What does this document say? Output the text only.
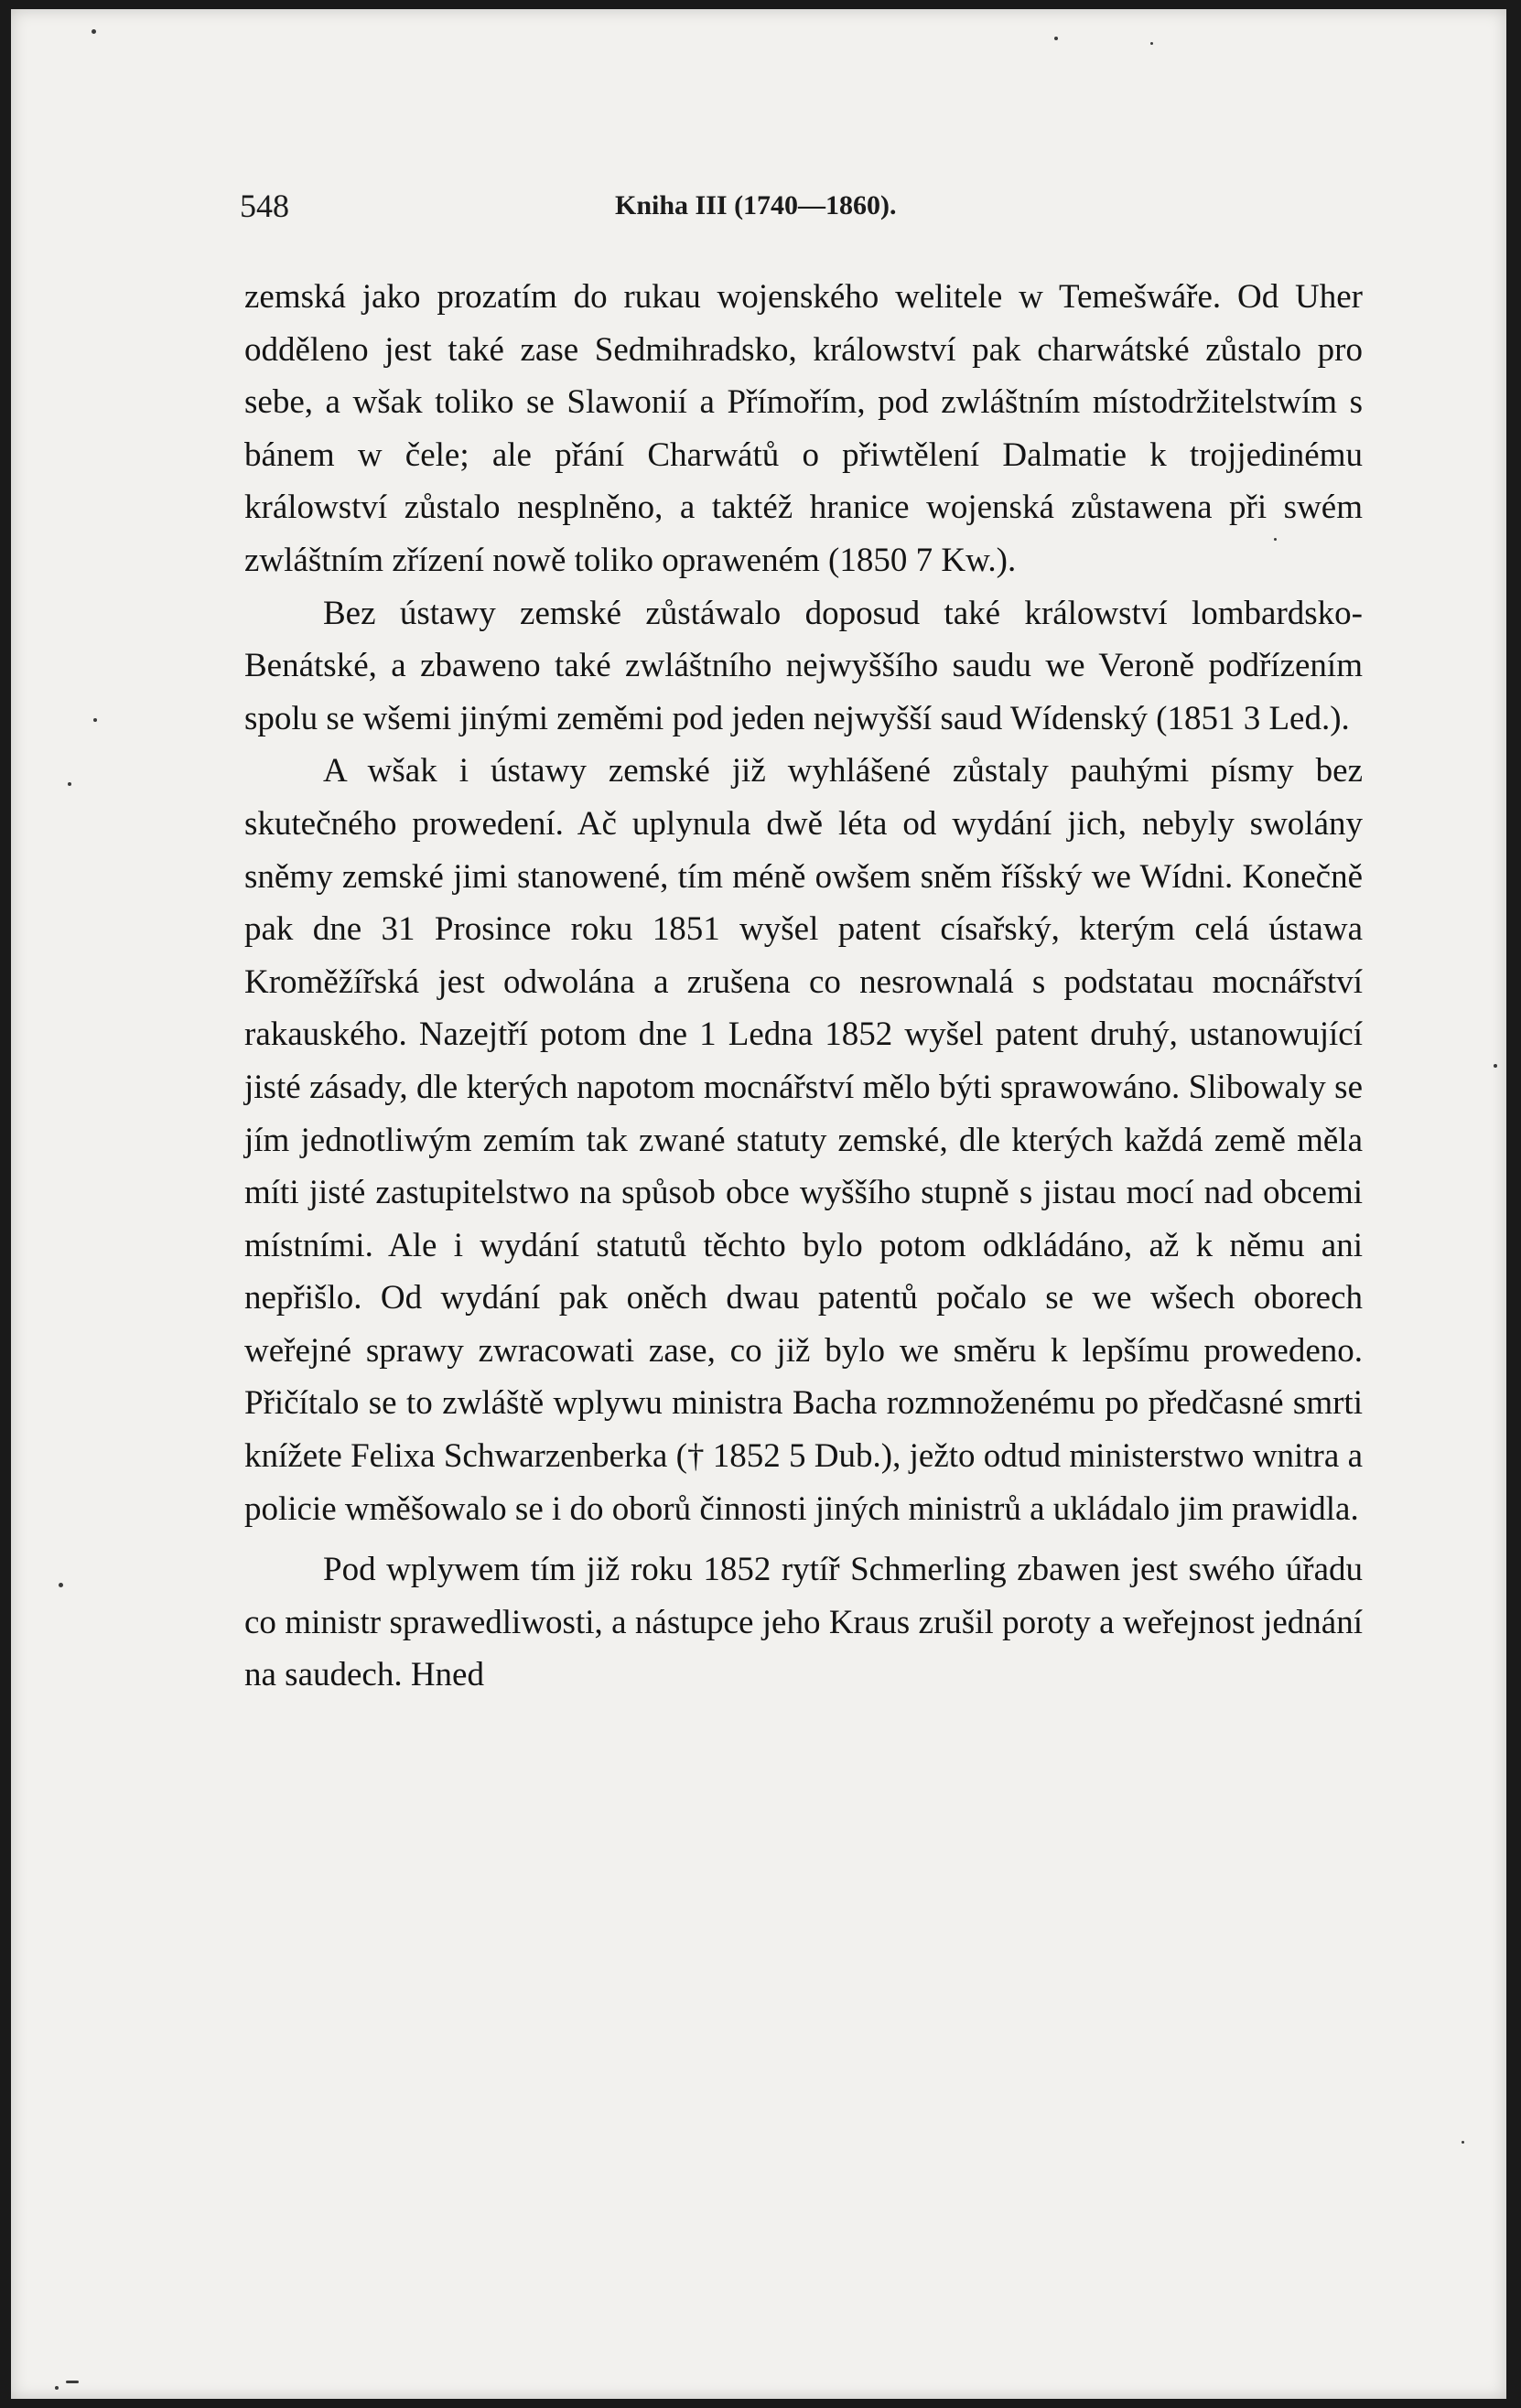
548	Kniha III (1740—1860).

zemská jako prozatím do rukau wojenského welitele w Temešwáře. Od Uher odděleno jest také zase Sedmihradsko, králowství pak charwátské zůstalo pro sebe, a wšak toliko se Slawonií a Přímořím, pod zwláštním místodržitelstwím s bánem w čele; ale přání Charwátů o přiwtělení Dalmatie k trojjedinému králowství zůstalo nesplněno, a taktéž hranice wojenská zůstawena při swém zwláštním zřízení nowě toliko opraweném (1850 7 Kw.).

Bez ústawy zemské zůstáwalo doposud také králowství lombardsko-Benátské, a zbaweno také zwláštního nejwyššího saudu we Veroně podřízením spolu se wšemi jinými zeměmi pod jeden nejwyšší saud Wídenský (1851 3 Led.).

A wšak i ústawy zemské již wyhlášené zůstaly pauhými písmy bez skutečného prowedení. Ač uplynula dwě léta od wydání jich, nebyly swolány sněmy zemské jimi stanowené, tím méně owšem sněm říšský we Wídni. Konečně pak dne 31 Prosince roku 1851 wyšel patent císařský, kterým celá ústawa Kroměžířská jest odwolána a zrušena co nesrownalá s podstatau mocnářství rakauského. Nazejtří potom dne 1 Ledna 1852 wyšel patent druhý, ustanowující jisté zásady, dle kterých napotom mocnářství mělo býti sprawowáno. Slibowaly se jím jednotliwým zemím tak zwané statuty zemské, dle kterých každá země měla míti jisté zastupitelstwo na spůsob obce wyššího stupně s jistau mocí nad obcemi místními. Ale i wydání statutů těchto bylo potom odkládáno, až k němu ani nepřišlo. Od wydání pak oněch dwau patentů počalo se we wšech oborech weřejné sprawy zwracowati zase, co již bylo we směru k lepšímu prowedeno. Přičítalo se to zwláště wplywu ministra Bacha rozmnoženému po předčasné smrti knížete Felixa Schwarzenberka († 1852 5 Dub.), ježto odtud ministerstwo wnitra a policie wměšowalo se i do oborů činnosti jiných ministrů a ukládalo jim prawidla.

Pod wplywem tím již roku 1852 rytíř Schmerling zbawen jest swého úřadu co ministr sprawedliwosti, a nástupce jeho Kraus zrušil poroty a weřejnost jednání na saudech. Hned
